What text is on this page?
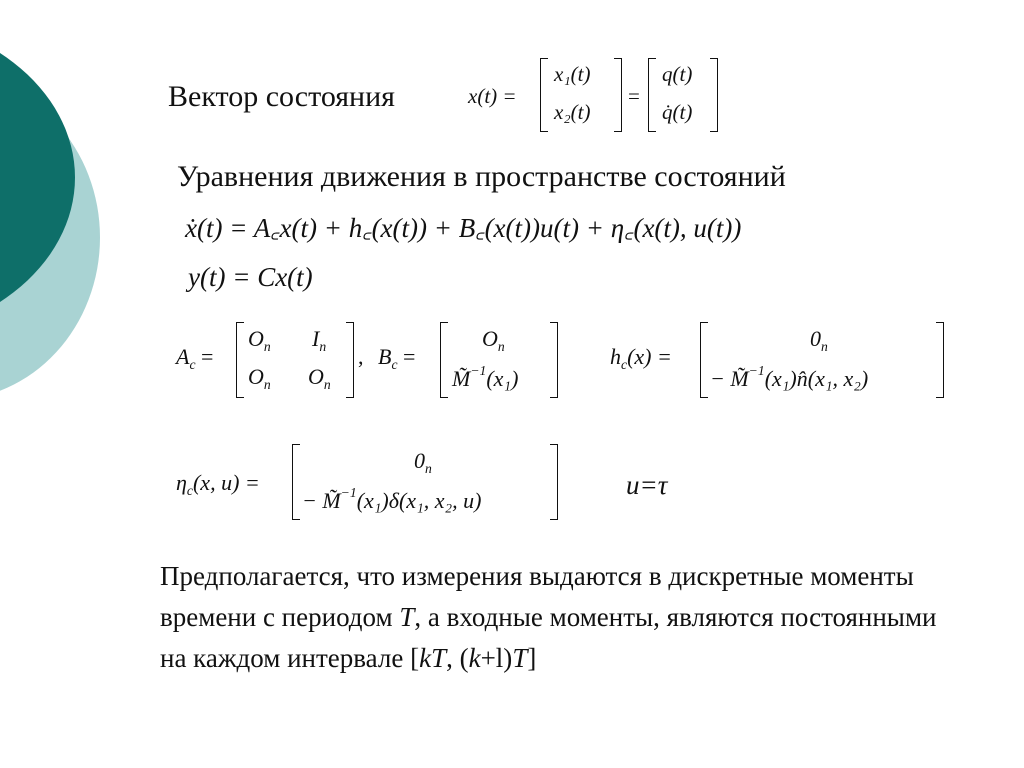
Вектор состояния	x(t) =
x₁(t)
x₂(t)
=
q(t)
q̇(t)
Уравнения движения в пространстве состояний
ẋ(t) = A꜀x(t) + h꜀(x(t)) + B꜀(x(t))u(t) + η꜀(x(t), u(t))
y(t) = Cx(t)
$A_c$ =
$O_n$ $I_n$
$O_n$ $O_n$
, $B_c$ =
$O_n$
M̃$^{-1}$(x₁)
$h_c(x)$ =
$0_n$
− M̃$^{-1}$(x₁)n̂(x₁, x₂)
$\eta_c(x$, u) =
$0_n$
− M̃$^{-1}$(x₁)δ(x₁, x₂, u)
u=τ
Предполагается, что измерения выдаются в дискретные моменты времени с периодом T, а входные моменты, являются постоянными на каждом интервале [kT, (k+l)T]
